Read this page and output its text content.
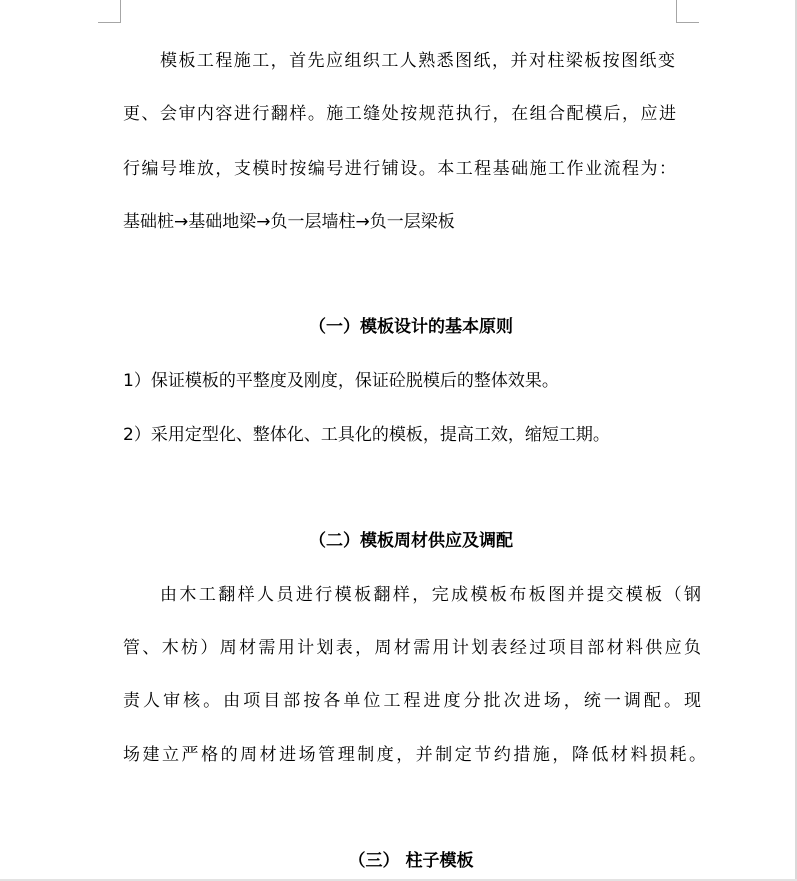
模板工程施工，首先应组织工人熟悉图纸，并对柱梁板按图纸变
更、会审内容进行翻样。施工缝处按规范执行，在组合配模后，应进
行编号堆放，支模时按编号进行铺设。本工程基础施工作业流程为：
基础桩→基础地梁→负一层墙柱→负一层梁板
（一）模板设计的基本原则
1）保证模板的平整度及刚度，保证砼脱模后的整体效果。
2）采用定型化、整体化、工具化的模板，提高工效，缩短工期。
（二）模板周材供应及调配
由木工翻样人员进行模板翻样，完成模板布板图并提交模板（钢
管、木枋）周材需用计划表，周材需用计划表经过项目部材料供应负
责人审核。由项目部按各单位工程进度分批次进场，统一调配。现
场建立严格的周材进场管理制度，并制定节约措施，降低材料损耗。
（三） 柱子模板
